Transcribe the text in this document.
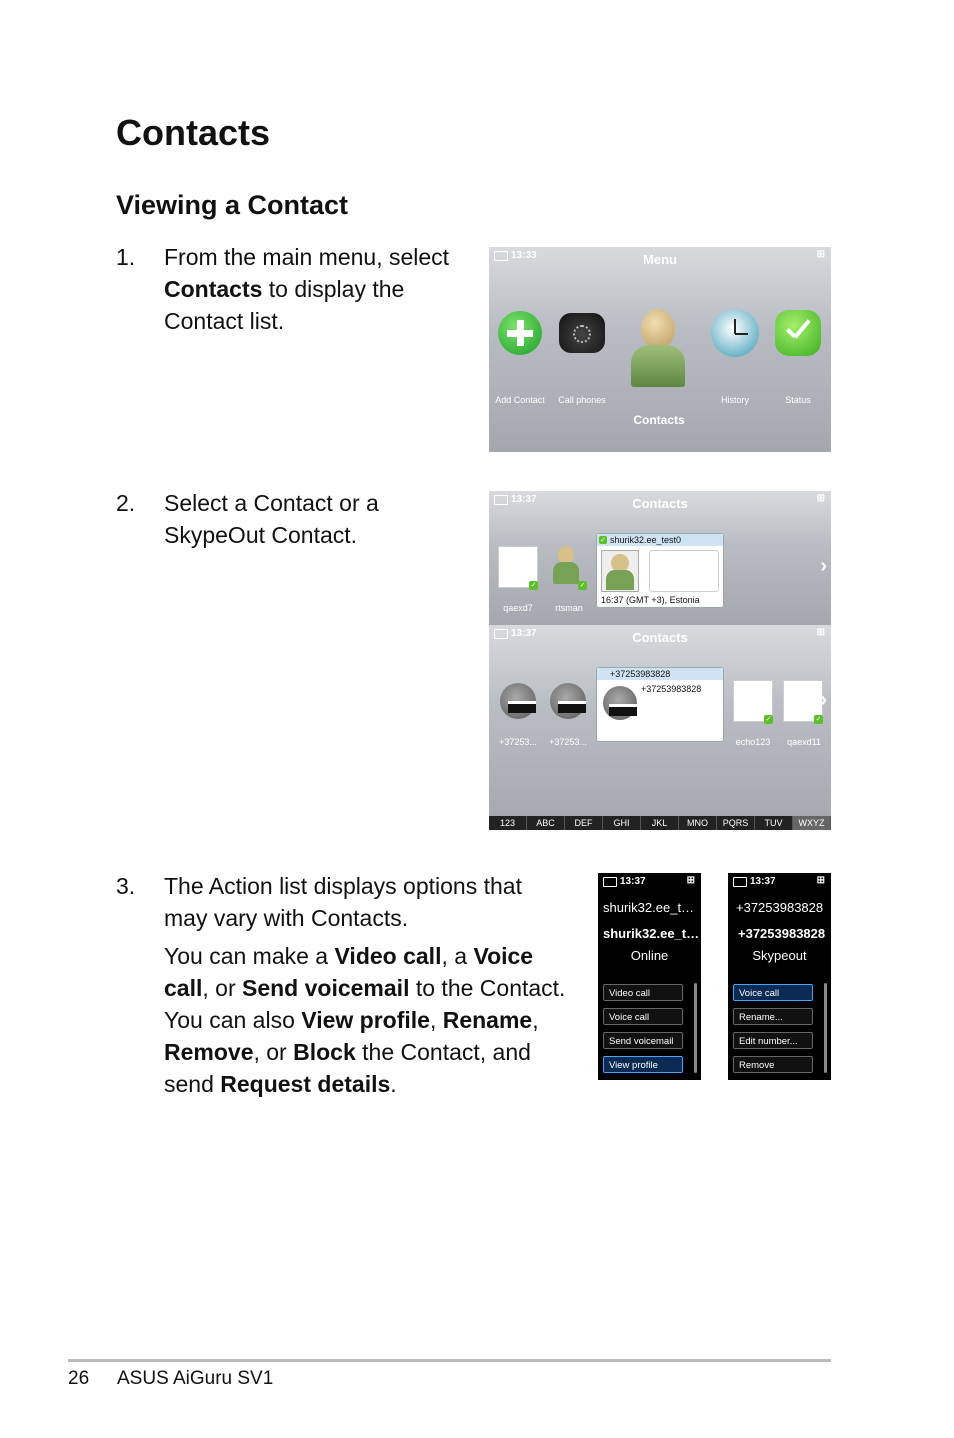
Contacts
Viewing a Contact
1. From the main menu, select
Contacts to display the
Contact list.

13:33	⊞
Menu
Add Contact	Call phones	History	Status
Contacts
2. Select a Contact or a
SkypeOut Contact.

13:37	⊞
Contacts
✓	✓
qaexd7	rtsman
shurik32.ee_test0
✓
16:37 (GMT +3), Estonia
›
13:37	⊞
Contacts
+37253...	+37253...
+37253983828
+37253983828
✓	✓
echo123	qaexd11
›
123	ABC	DEF	GHI	JKL	MNO	PQRS	TUV	WXYZ
3. The Action list displays options that
may vary with Contacts.

You can make a Video call, a Voice
call, or Send voicemail to the Contact.
You can also View profile, Rename,
Remove, or Block the Contact, and
send Request details.

13:37	⊞
shurik32.ee_t…
shurik32.ee_t…
Online
Video call
Voice call
Send voicemail
View profile
13:37	⊞
+37253983828
+37253983828
Skypeout
Voice call
Rename...
Edit number...
Remove
26 ASUS AiGuru SV1
